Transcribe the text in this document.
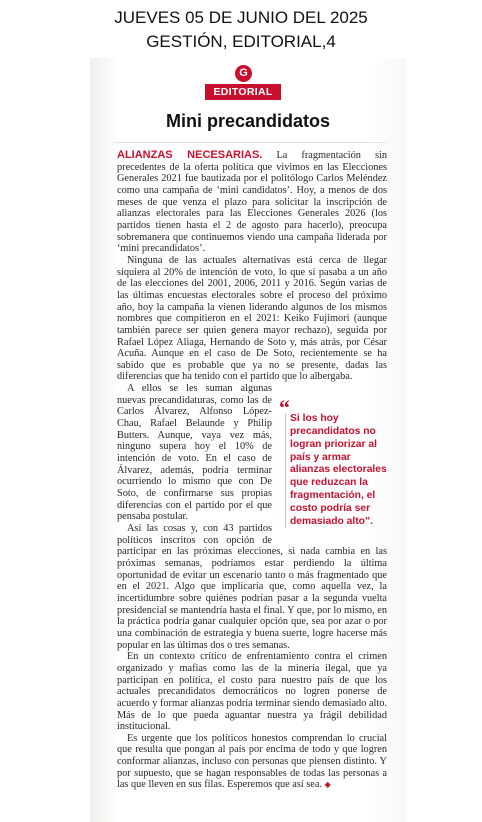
JUEVES 05 DE JUNIO DEL 2025
GESTIÓN, EDITORIAL,4
G
EDITORIAL
Mini precandidatos

ALIANZAS NECESARIAS. La fragmentación sin precedentes de la oferta política que vivimos en las Elecciones Generales 2021 fue bautizada por el politólogo Carlos Meléndez como una campaña de ‘mini candidatos’. Hoy, a menos de dos meses de que venza el plazo para solicitar la inscripción de alianzas electorales para las Elecciones Generales 2026 (los partidos tienen hasta el 2 de agosto para hacerlo), preocupa sobremanera que continuemos viendo una campaña liderada por ‘mini precandidatos’.

Ninguna de las actuales alternativas está cerca de llegar siquiera al 20% de intención de voto, lo que sí pasaba a un año de las elecciones del 2001, 2006, 2011 y 2016. Según varias de las últimas encuestas electorales sobre el proceso del próximo año, hoy la campaña la vienen liderando algunos de los mismos nombres que compitieron en el 2021: Keiko Fujimori (aunque también parece ser quien genera mayor rechazo), seguida por Rafael López Aliaga, Hernando de Soto y, más atrás, por César Acuña. Aunque en el caso de De Soto, recientemente se ha sabido que es probable que ya no se presente, dadas las diferencias que ha tenido con el partido que lo albergaba.

“ Si los hoy precandidatos no logran priorizar al país y armar alianzas electorales que reduzcan la fragmentación, el costo podría ser demasiado alto”.

A ellos se les suman algunas nuevas precandidaturas, como las de Carlos Álvarez, Alfonso López-Chau, Rafael Belaunde y Philip Butters. Aunque, vaya vez más, ninguno supera hoy el 10% de intención de voto. En el caso de Álvarez, además, podría terminar ocurriendo lo mismo que con De Soto, de confirmarse sus propias diferencias con el partido por el que pensaba postular.

Así las cosas y, con 43 partidos políticos inscritos con opción de participar en las próximas elecciones, si nada cambia en las próximas semanas, podríamos estar perdiendo la última oportunidad de evitar un escenario tanto o más fragmentado que en el 2021. Algo que implicaría que, como aquella vez, la incertidumbre sobre quiénes podrían pasar a la segunda vuelta presidencial se mantendría hasta el final. Y que, por lo mismo, en la práctica podría ganar cualquier opción que, sea por azar o por una combinación de estrategia y buena suerte, logre hacerse más popular en las últimas dos o tres semanas.

En un contexto crítico de enfrentamiento contra el crimen organizado y mafias como las de la minería ilegal, que ya participan en política, el costo para nuestro país de que los actuales precandidatos democráticos no logren ponerse de acuerdo y formar alianzas podría terminar siendo demasiado alto. Más de lo que pueda aguantar nuestra ya frágil debilidad institucional.

Es urgente que los políticos honestos comprendan lo crucial que resulta que pongan al país por encima de todo y que logren conformar alianzas, incluso con personas que piensen distinto. Y por supuesto, que se hagan responsables de todas las personas a las que lleven en sus filas. Esperemos que así sea. ◆
